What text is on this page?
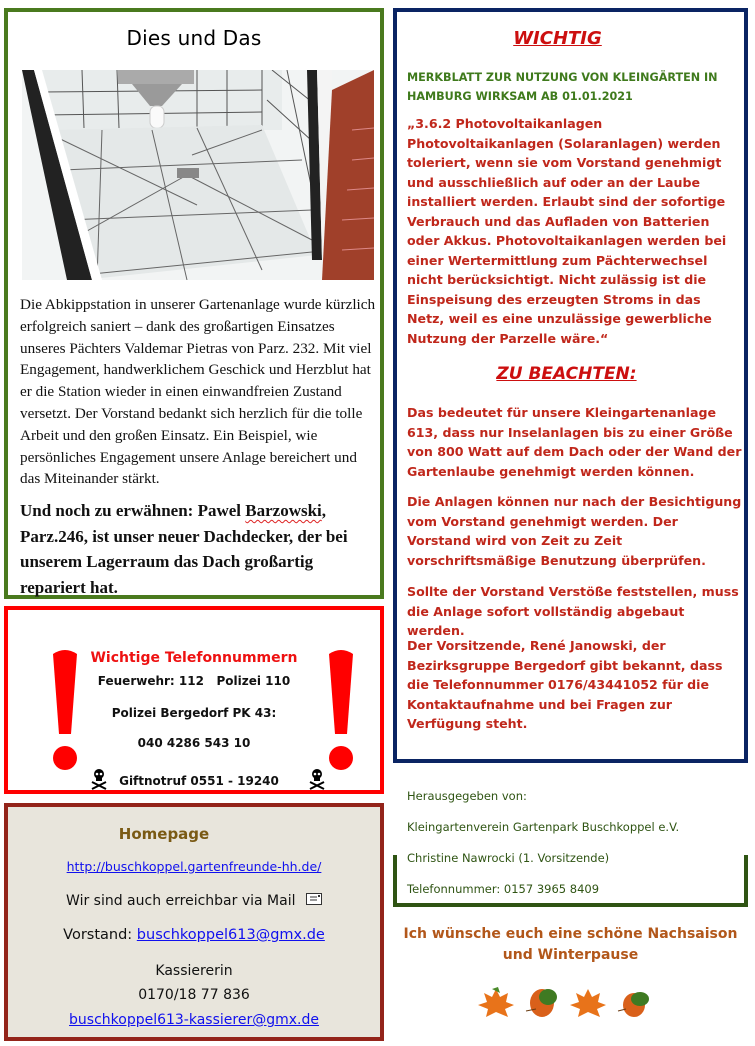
Dies und Das
Die Abkippstation in unserer Gartenanlage wurde kürzlich erfolgreich saniert – dank des großartigen Einsatzes unseres Pächters Valdemar Pietras von Parz. 232. Mit viel Engagement, handwerklichem Geschick und Herzblut hat er die Station wieder in einen einwandfreien Zustand versetzt. Der Vorstand bedankt sich herzlich für die tolle Arbeit und den großen Einsatz. Ein Beispiel, wie persönliches Engagement unsere Anlage bereichert und das Miteinander stärkt.
Und noch zu erwähnen: Pawel Barzowski, Parz.246, ist unser neuer Dachdecker, der bei unserem Lagerraum das Dach großartig repariert hat.
Wichtige Telefonnummern
Feuerwehr: 112   Polizei 110
Polizei Bergedorf PK 43:
040 4286 543 10
Giftnotruf 0551 - 19240
Homepage
http://buschkoppel.gartenfreunde-hh.de/
Wir sind auch erreichbar via Mail
Vorstand: buschkoppel613@gmx.de
Kassiererin
0170/18 77 836
buschkoppel613-kassierer@gmx.de
WICHTIG
MERKBLATT ZUR NUTZUNG VON KLEINGÄRTEN IN HAMBURG WIRKSAM AB 01.01.2021
„3.6.2 Photovoltaikanlagen Photovoltaikanlagen (Solaranlagen) werden toleriert, wenn sie vom Vorstand genehmigt und ausschließlich auf oder an der Laube installiert werden. Erlaubt sind der sofortige Verbrauch und das Aufladen von Batterien oder Akkus. Photovoltaikanlagen werden bei einer Wertermittlung zum Pächterwechsel nicht berücksichtigt. Nicht zulässig ist die Einspeisung des erzeugten Stroms in das Netz, weil es eine unzulässige gewerbliche Nutzung der Parzelle wäre.“
ZU BEACHTEN:
Das bedeutet für unsere Kleingartenanlage 613, dass nur Inselanlagen bis zu einer Größe von 800 Watt auf dem Dach oder der Wand der Gartenlaube genehmigt werden können.
Die Anlagen können nur nach der Besichtigung vom Vorstand genehmigt werden. Der Vorstand wird von Zeit zu Zeit vorschriftsmäßige Benutzung überprüfen.
Sollte der Vorstand Verstöße feststellen, muss die Anlage sofort vollständig abgebaut werden.
Der Vorsitzende, René Janowski, der Bezirksgruppe Bergedorf gibt bekannt, dass die Telefonnummer 0176/43441052 für die Kontaktaufnahme und bei Fragen zur Verfügung steht.
Herausgegeben von:
Kleingartenverein Gartenpark Buschkoppel e.V.
Christine Nawrocki (1. Vorsitzende)
Telefonnummer: 0157 3965 8409
Ich wünsche euch eine schöne Nachsaison
und Winterpause
